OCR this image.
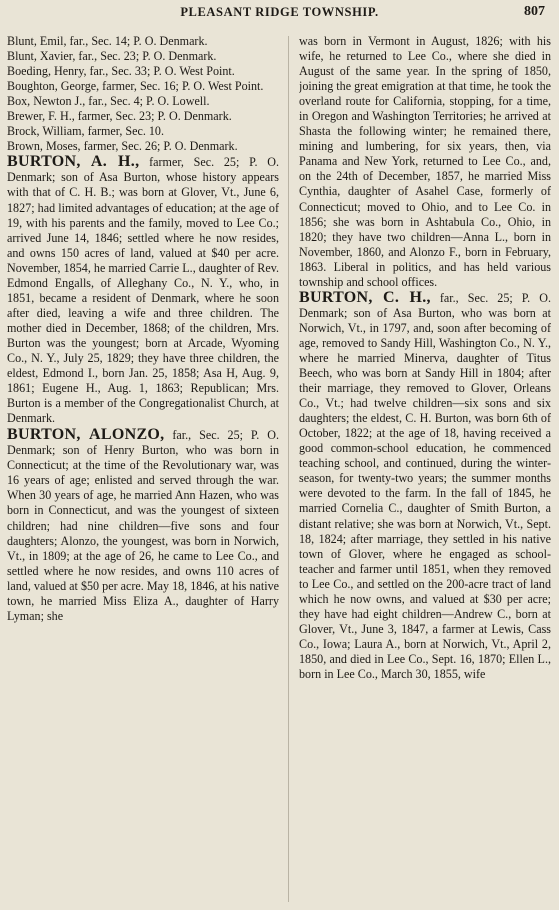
PLEASANT RIDGE TOWNSHIP.	807

Blunt, Emil, far., Sec. 14; P. O. Denmark.

Blunt, Xavier, far., Sec. 23; P. O. Denmark.

Boeding, Henry, far., Sec. 33; P. O. West Point.

Boughton, George, farmer, Sec. 16; P. O. West Point.

Box, Newton J., far., Sec. 4; P. O. Lowell.

Brewer, F. H., farmer, Sec. 23; P. O. Denmark.

Brock, William, farmer, Sec. 10.

Brown, Moses, farmer, Sec. 26; P. O. Denmark.

BURTON, A. H., farmer, Sec. 25; P. O. Denmark; son of Asa Burton, whose history appears with that of C. H. B.; was born at Glover, Vt., June 6, 1827; had limited advantages of education; at the age of 19, with his parents and the family, moved to Lee Co.; arrived June 14, 1846; settled where he now resides, and owns 150 acres of land, valued at $40 per acre. November, 1854, he married Carrie L., daughter of Rev. Edmond Engalls, of Alleghany Co., N. Y., who, in 1851, became a resident of Denmark, where he soon after died, leaving a wife and three children. The mother died in December, 1868; of the children, Mrs. Burton was the youngest; born at Arcade, Wyoming Co., N. Y., July 25, 1829; they have three children, the eldest, Edmond I., born Jan. 25, 1858; Asa H, Aug. 9, 1861; Eugene H., Aug. 1, 1863; Republican; Mrs. Burton is a member of the Congregationalist Church, at Denmark.

BURTON, ALONZO, far., Sec. 25; P. O. Denmark; son of Henry Burton, who was born in Connecticut; at the time of the Revolutionary war, was 16 years of age; enlisted and served through the war. When 30 years of age, he married Ann Hazen, who was born in Connecticut, and was the youngest of sixteen children; had nine children—five sons and four daughters; Alonzo, the youngest, was born in Norwich, Vt., in 1809; at the age of 26, he came to Lee Co., and settled where he now resides, and owns 110 acres of land, valued at $50 per acre. May 18, 1846, at his native town, he married Miss Eliza A., daughter of Harry Lyman; she

was born in Vermont in August, 1826; with his wife, he returned to Lee Co., where she died in August of the same year. In the spring of 1850, joining the great emigration at that time, he took the overland route for California, stopping, for a time, in Oregon and Washington Territories; he arrived at Shasta the following winter; he remained there, mining and lumbering, for six years, then, via Panama and New York, returned to Lee Co., and, on the 24th of December, 1857, he married Miss Cynthia, daughter of Asahel Case, formerly of Connecticut; moved to Ohio, and to Lee Co. in 1856; she was born in Ashtabula Co., Ohio, in 1820; they have two children—Anna L., born in November, 1860, and Alonzo F., born in February, 1863. Liberal in politics, and has held various township and school offices.

BURTON, C. H., far., Sec. 25; P. O. Denmark; son of Asa Burton, who was born at Norwich, Vt., in 1797, and, soon after becoming of age, removed to Sandy Hill, Washington Co., N. Y., where he married Minerva, daughter of Titus Beech, who was born at Sandy Hill in 1804; after their marriage, they removed to Glover, Orleans Co., Vt.; had twelve children—six sons and six daughters; the eldest, C. H. Burton, was born 6th of October, 1822; at the age of 18, having received a good common-school education, he commenced teaching school, and continued, during the winter-season, for twenty-two years; the summer months were devoted to the farm. In the fall of 1845, he married Cornelia C., daughter of Smith Burton, a distant relative; she was born at Norwich, Vt., Sept. 18, 1824; after marriage, they settled in his native town of Glover, where he engaged as school-teacher and farmer until 1851, when they removed to Lee Co., and settled on the 200-acre tract of land which he now owns, and valued at $30 per acre; they have had eight children—Andrew C., born at Glover, Vt., June 3, 1847, a farmer at Lewis, Cass Co., Iowa; Laura A., born at Norwich, Vt., April 2, 1850, and died in Lee Co., Sept. 16, 1870; Ellen L., born in Lee Co., March 30, 1855, wife
